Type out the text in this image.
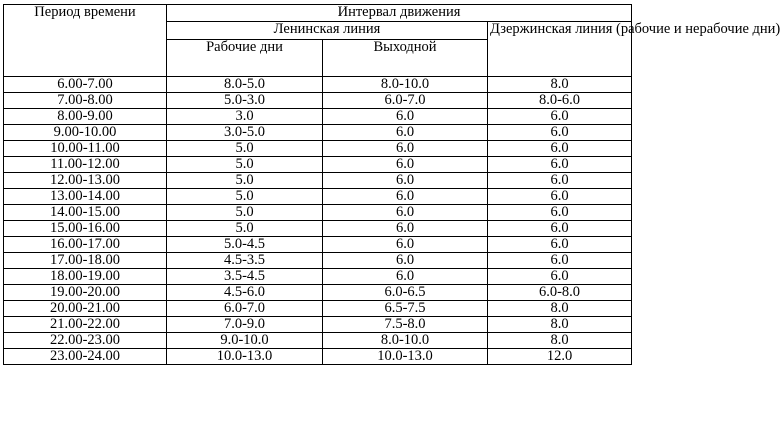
Период времени	Интервал движения		
	Ленинская линия		Дзержинская линия (рабочие и нерабочие дни)
	Рабочие дни	Выходной	
6.00-7.00	8.0-5.0	8.0-10.0	8.0
7.00-8.00	5.0-3.0	6.0-7.0	8.0-6.0
8.00-9.00	3.0	6.0	6.0
9.00-10.00	3.0-5.0	6.0	6.0
10.00-11.00	5.0	6.0	6.0
11.00-12.00	5.0	6.0	6.0
12.00-13.00	5.0	6.0	6.0
13.00-14.00	5.0	6.0	6.0
14.00-15.00	5.0	6.0	6.0
15.00-16.00	5.0	6.0	6.0
16.00-17.00	5.0-4.5	6.0	6.0
17.00-18.00	4.5-3.5	6.0	6.0
18.00-19.00	3.5-4.5	6.0	6.0
19.00-20.00	4.5-6.0	6.0-6.5	6.0-8.0
20.00-21.00	6.0-7.0	6.5-7.5	8.0
21.00-22.00	7.0-9.0	7.5-8.0	8.0
22.00-23.00	9.0-10.0	8.0-10.0	8.0
23.00-24.00	10.0-13.0	10.0-13.0	12.0
